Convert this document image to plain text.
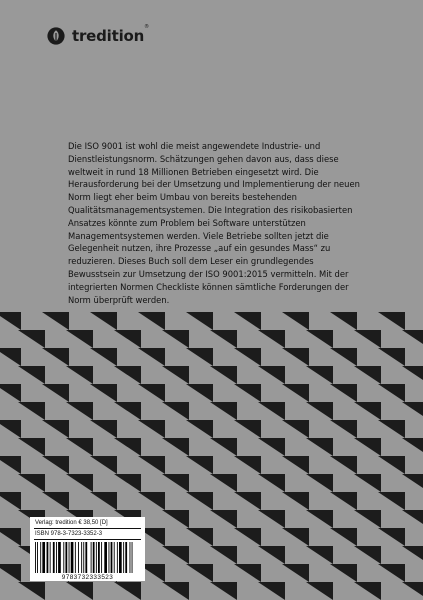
tredition ®

Die ISO 9001 ist wohl die meist angewendete Industrie- und Dienstleistungsnorm. Schätzungen gehen davon aus, dass diese weltweit in rund 18 Millionen Betrieben eingesetzt wird. Die Herausforderung bei der Umsetzung und Implementierung der neuen Norm liegt eher beim Umbau von bereits bestehenden Qualitätsmanagementsystemen. Die Integration des risikobasierten Ansatzes könnte zum Problem bei Software unterstützen Managementsystemen werden. Viele Betriebe sollten jetzt die Gelegenheit nutzen, ihre Prozesse „auf ein gesundes Mass“ zu reduzieren. Dieses Buch soll dem Leser ein grundlegendes Bewusstsein zur Umsetzung der ISO 9001:2015 vermitteln. Mit der integrierten Normen Checkliste können sämtliche Forderungen der Norm überprüft werden.

Verlag: tredition € 38,50 [D]
ISBN 978-3-7323-3352-3
9783732333523
